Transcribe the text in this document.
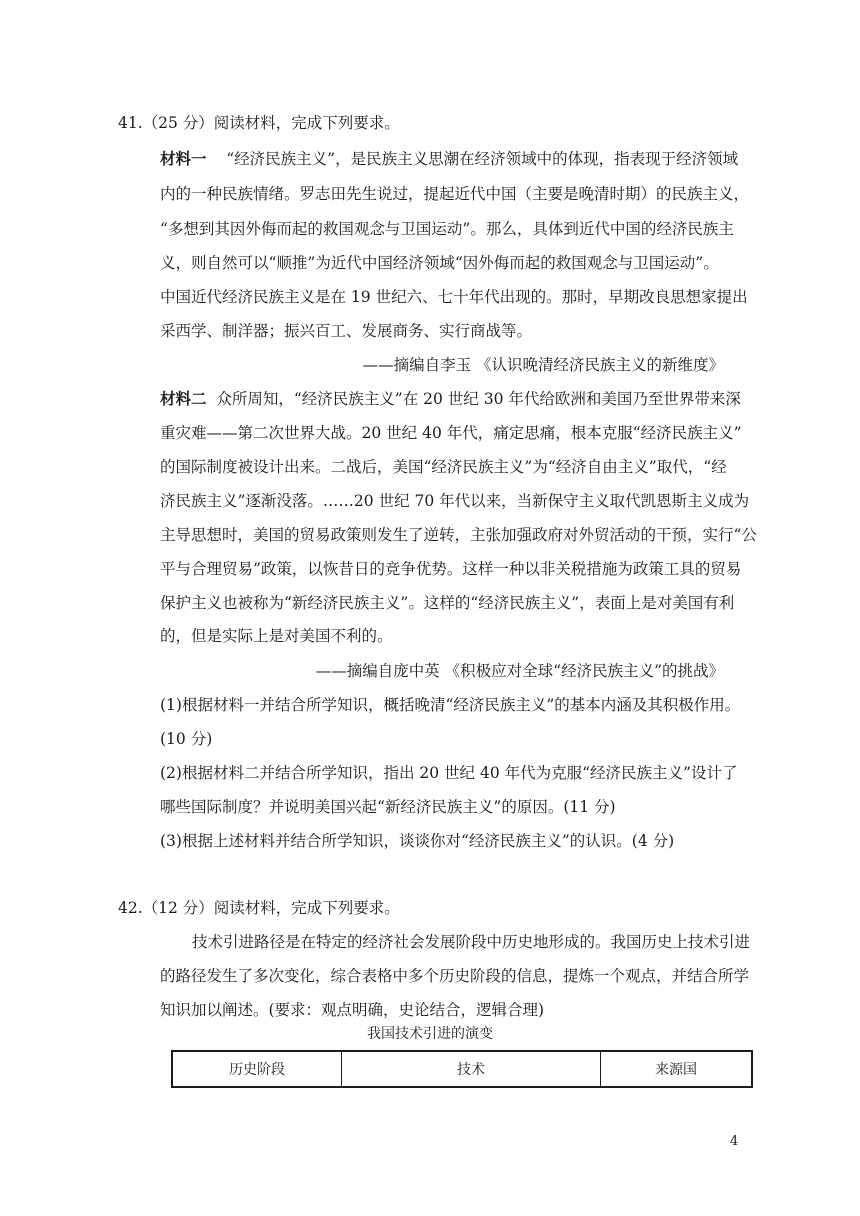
41.（25 分）阅读材料，完成下列要求。
材料一 “经济民族主义”，是民族主义思潮在经济领域中的体现，指表现于经济领域
内的一种民族情绪。罗志田先生说过，提起近代中国（主要是晚清时期）的民族主义，
“多想到其因外侮而起的救国观念与卫国运动”。那么，具体到近代中国的经济民族主
义，则自然可以“顺推”为近代中国经济领域“因外侮而起的救国观念与卫国运动”。
中国近代经济民族主义是在 19 世纪六、七十年代出现的。那时，早期改良思想家提出
采西学、制洋器；振兴百工、发展商务、实行商战等。
——摘编自李玉 《认识晚清经济民族主义的新维度》
材料二 众所周知，“经济民族主义”在 20 世纪 30 年代给欧洲和美国乃至世界带来深
重灾难——第二次世界大战。20 世纪 40 年代，痛定思痛，根本克服“经济民族主义”
的国际制度被设计出来。二战后，美国“经济民族主义”为“经济自由主义”取代，“经
济民族主义”逐渐没落。……20 世纪 70 年代以来，当新保守主义取代凯恩斯主义成为
主导思想时，美国的贸易政策则发生了逆转，主张加强政府对外贸活动的干预，实行“公
平与合理贸易”政策，以恢昔日的竞争优势。这样一种以非关税措施为政策工具的贸易
保护主义也被称为“新经济民族主义”。这样的“经济民族主义”，表面上是对美国有利
的，但是实际上是对美国不利的。
——摘编自庞中英 《积极应对全球“经济民族主义”的挑战》
(1)根据材料一并结合所学知识，概括晚清“经济民族主义”的基本内涵及其积极作用。
(10 分)
(2)根据材料二并结合所学知识，指出 20 世纪 40 年代为克服“经济民族主义”设计了
哪些国际制度？并说明美国兴起“新经济民族主义”的原因。(11 分)
(3)根据上述材料并结合所学知识，谈谈你对“经济民族主义”的认识。(4 分)
42.（12 分）阅读材料，完成下列要求。
技术引进路径是在特定的经济社会发展阶段中历史地形成的。我国历史上技术引进
的路径发生了多次变化，综合表格中多个历史阶段的信息，提炼一个观点，并结合所学
知识加以阐述。(要求：观点明确，史论结合，逻辑合理)
我国技术引进的演变
历史阶段	技术	来源国
4
